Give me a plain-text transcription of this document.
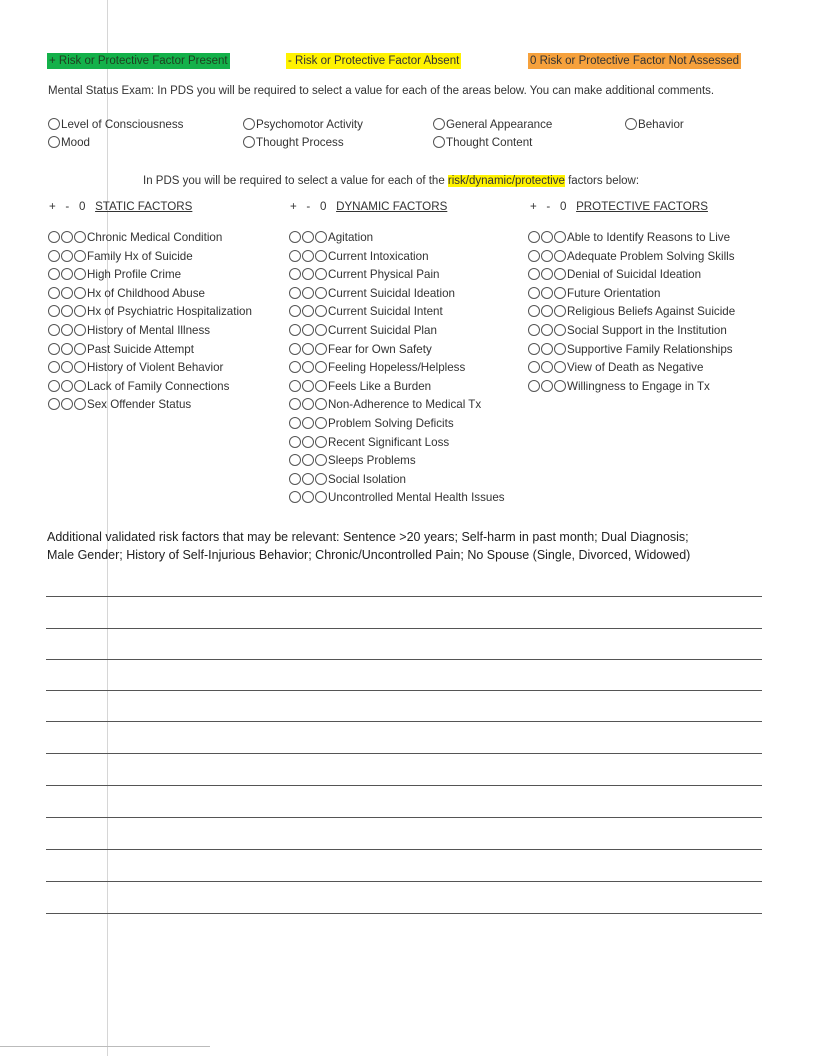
+ Risk or Protective Factor Present	- Risk or Protective Factor Absent	0 Risk or Protective Factor Not Assessed
Mental Status Exam: In PDS you will be required to select a value for each of the areas below. You can make additional comments.
Level of Consciousness	Psychomotor Activity	General Appearance	Behavior
Mood	Thought Process	Thought Content
In PDS you will be required to select a value for each of the risk/dynamic/protective factors below:
+   -   0 STATIC FACTORS	+   -   0 DYNAMIC FACTORS	+   -   0 PROTECTIVE FACTORS
Chronic Medical Condition
Family Hx of Suicide
High Profile Crime
Hx of Childhood Abuse
Hx of Psychiatric Hospitalization
History of Mental Illness
Past Suicide Attempt
History of Violent Behavior
Lack of Family Connections
Sex Offender Status
Agitation
Current Intoxication
Current Physical Pain
Current Suicidal Ideation
Current Suicidal Intent
Current Suicidal Plan
Fear for Own Safety
Feeling Hopeless/Helpless
Feels Like a Burden
Non-Adherence to Medical Tx
Problem Solving Deficits
Recent Significant Loss
Sleeps Problems
Social Isolation
Uncontrolled Mental Health Issues
Able to Identify Reasons to Live
Adequate Problem Solving Skills
Denial of Suicidal Ideation
Future Orientation
Religious Beliefs Against Suicide
Social Support in the Institution
Supportive Family Relationships
View of Death as Negative
Willingness to Engage in Tx
Additional validated risk factors that may be relevant: Sentence >20 years; Self-harm in past month; Dual Diagnosis;
Male Gender; History of Self-Injurious Behavior; Chronic/Uncontrolled Pain; No Spouse (Single, Divorced, Widowed)
